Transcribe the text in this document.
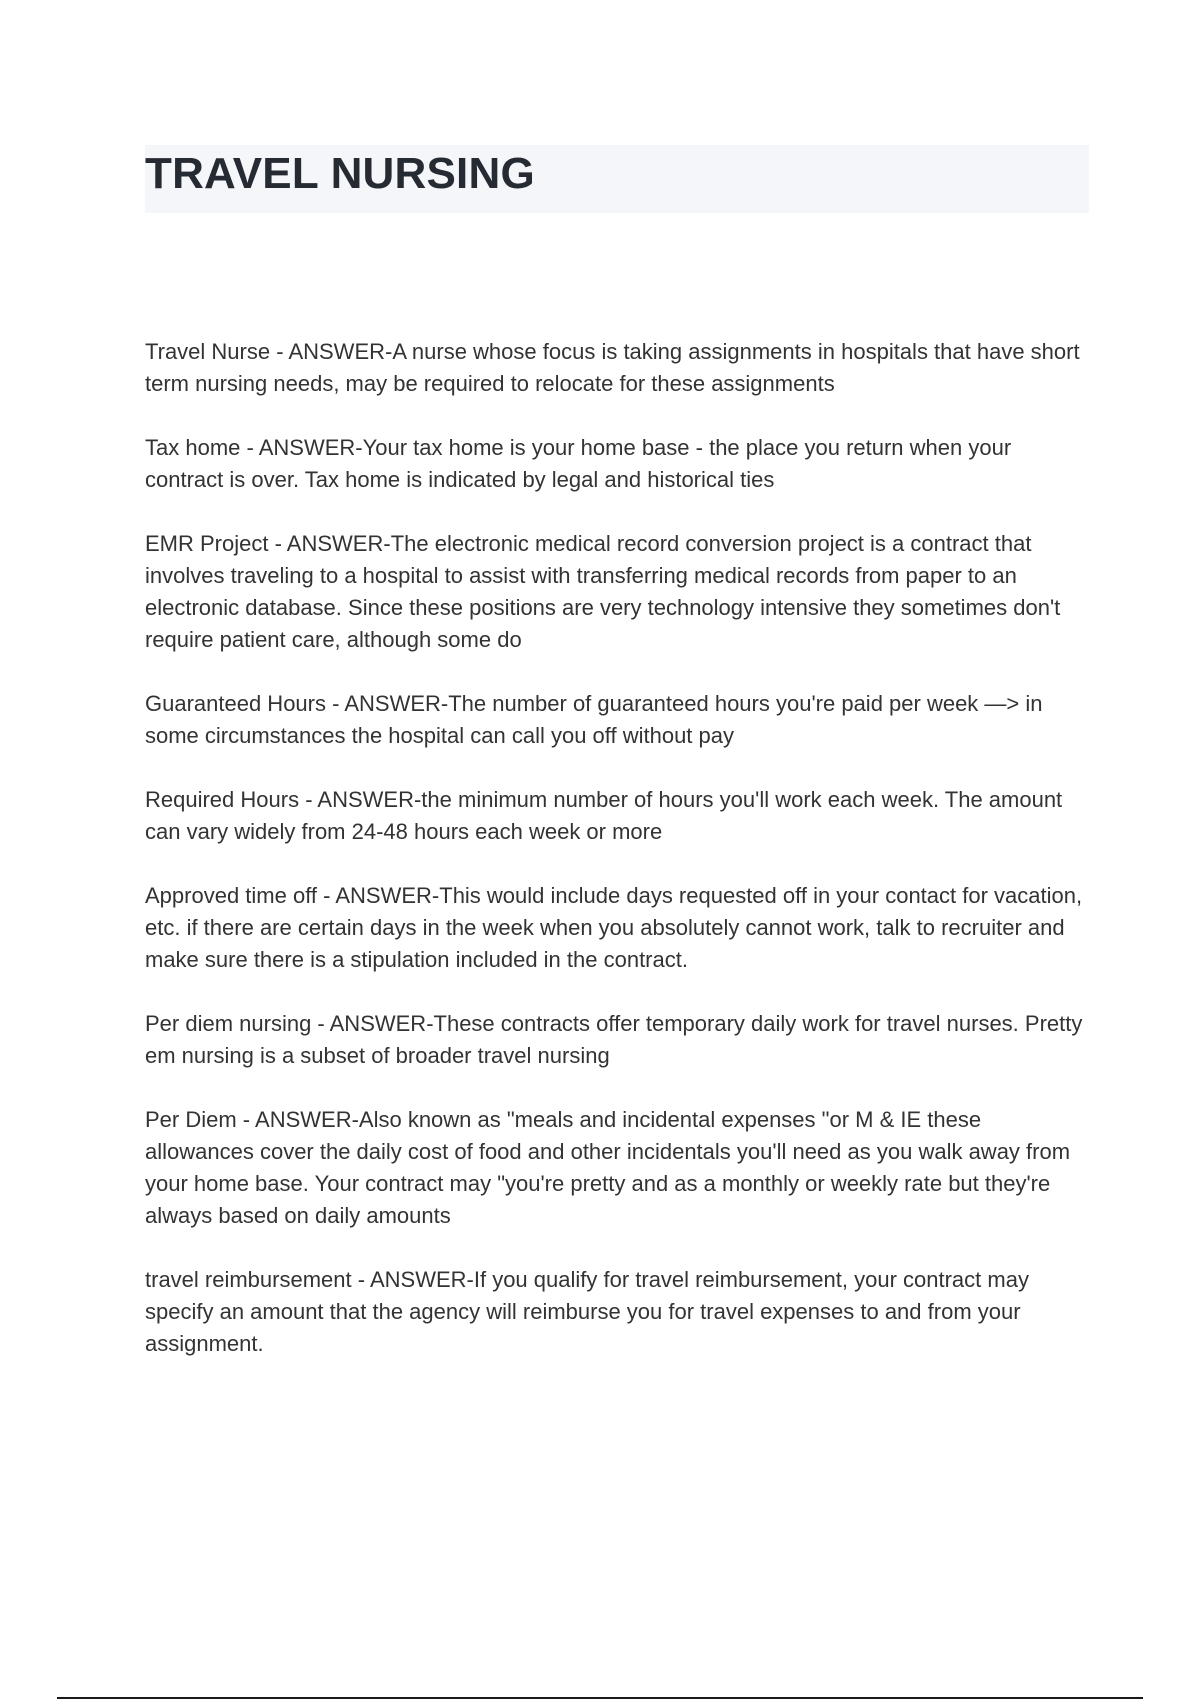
TRAVEL NURSING

Travel Nurse - ANSWER-A nurse whose focus is taking assignments in hospitals that have short term nursing needs, may be required to relocate for these assignments

Tax home - ANSWER-Your tax home is your home base - the place you return when your contract is over. Tax home is indicated by legal and historical ties

EMR Project - ANSWER-The electronic medical record conversion project is a contract that involves traveling to a hospital to assist with transferring medical records from paper to an electronic database. Since these positions are very technology intensive they sometimes don't require patient care, although some do

Guaranteed Hours - ANSWER-The number of guaranteed hours you're paid per week —> in some circumstances the hospital can call you off without pay

Required Hours - ANSWER-the minimum number of hours you'll work each week. The amount can vary widely from 24-48 hours each week or more

Approved time off - ANSWER-This would include days requested off in your contact for vacation, etc. if there are certain days in the week when you absolutely cannot work, talk to recruiter and make sure there is a stipulation included in the contract.

Per diem nursing - ANSWER-These contracts offer temporary daily work for travel nurses. Pretty em nursing is a subset of broader travel nursing

Per Diem - ANSWER-Also known as "meals and incidental expenses "or M & IE these allowances cover the daily cost of food and other incidentals you'll need as you walk away from your home base. Your contract may "you're pretty and as a monthly or weekly rate but they're always based on daily amounts

travel reimbursement - ANSWER-If you qualify for travel reimbursement, your contract may specify an amount that the agency will reimburse you for travel expenses to and from your assignment.
